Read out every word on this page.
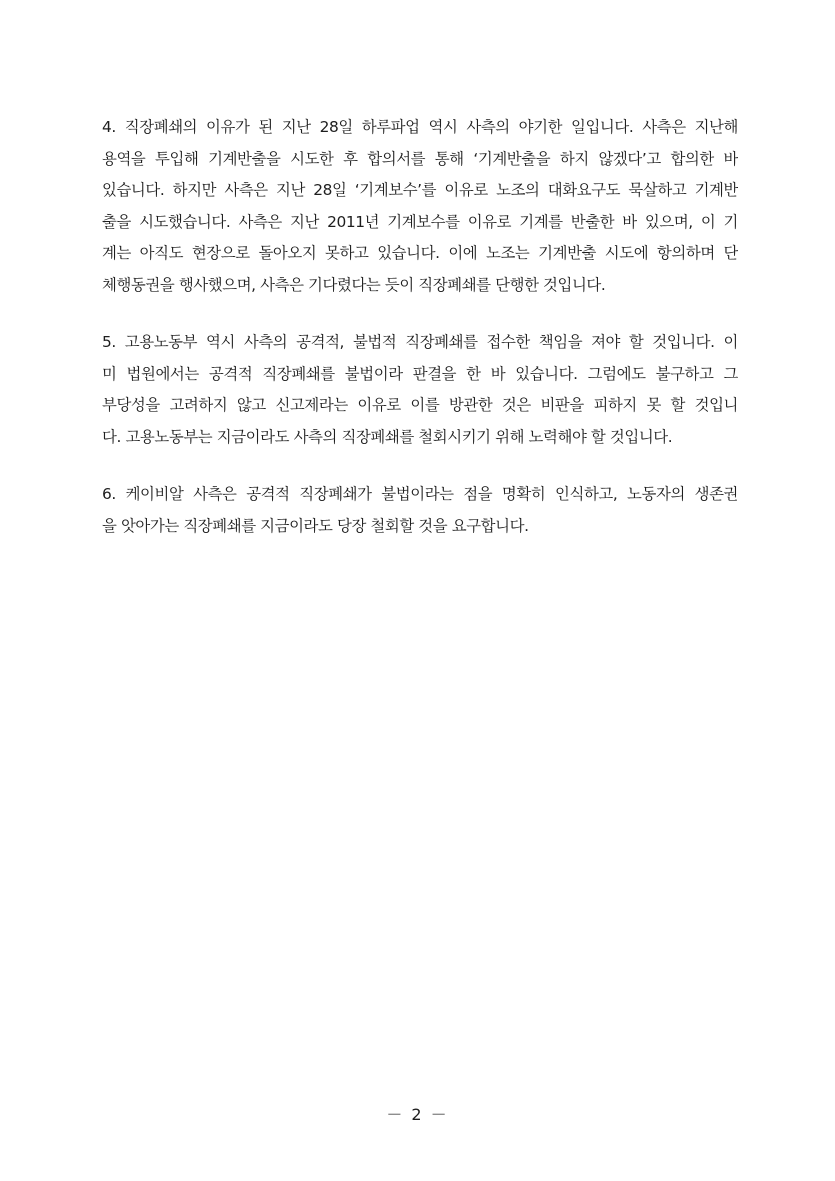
4. 직장폐쇄의 이유가 된 지난 28일 하루파업 역시 사측의 야기한 일입니다. 사측은 지난해
용역을 투입해 기계반출을 시도한 후 합의서를 통해 ‘기계반출을 하지 않겠다’고 합의한 바
있습니다. 하지만 사측은 지난 28일 ‘기계보수’를 이유로 노조의 대화요구도 묵살하고 기계반
출을 시도했습니다. 사측은 지난 2011년 기계보수를 이유로 기계를 반출한 바 있으며, 이 기
계는 아직도 현장으로 돌아오지 못하고 있습니다. 이에 노조는 기계반출 시도에 항의하며 단
체행동권을 행사했으며, 사측은 기다렸다는 듯이 직장폐쇄를 단행한 것입니다.
5. 고용노동부 역시 사측의 공격적, 불법적 직장폐쇄를 접수한 책임을 져야 할 것입니다. 이
미 법원에서는 공격적 직장폐쇄를 불법이라 판결을 한 바 있습니다. 그럼에도 불구하고 그
부당성을 고려하지 않고 신고제라는 이유로 이를 방관한 것은 비판을 피하지 못 할 것입니
다. 고용노동부는 지금이라도 사측의 직장폐쇄를 철회시키기 위해 노력해야 할 것입니다.
6. 케이비알 사측은 공격적 직장폐쇄가 불법이라는 점을 명확히 인식하고, 노동자의 생존권
을 앗아가는 직장폐쇄를 지금이라도 당장 철회할 것을 요구합니다.
－ 2 －
